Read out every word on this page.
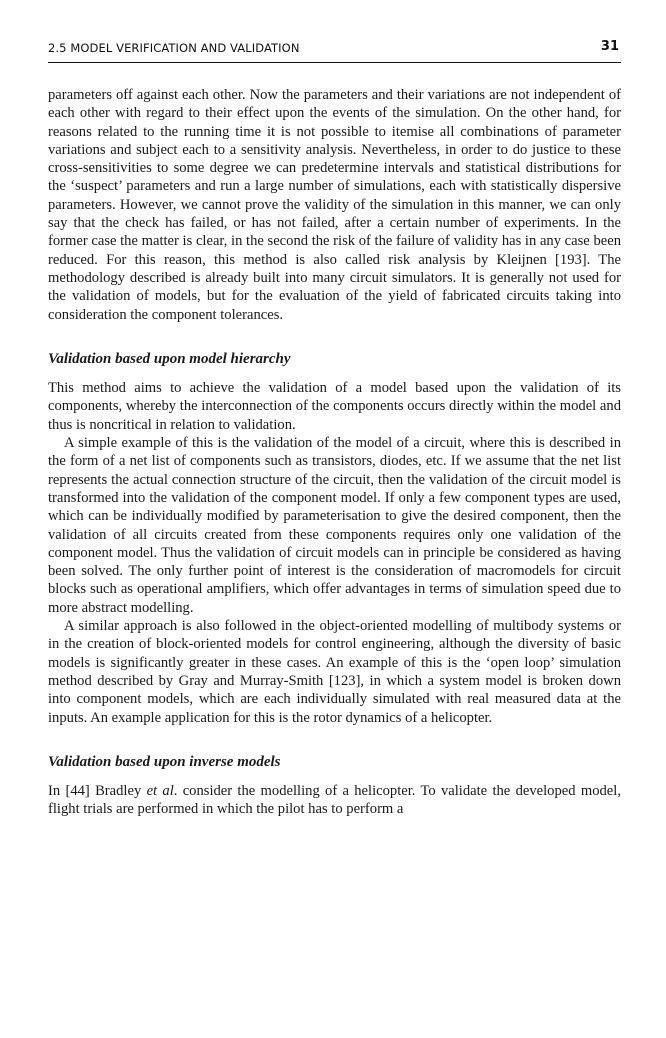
2.5 MODEL VERIFICATION AND VALIDATION	31

parameters off against each other. Now the parameters and their variations are not independent of each other with regard to their effect upon the events of the simulation. On the other hand, for reasons related to the running time it is not possible to itemise all combinations of parameter variations and subject each to a sensitivity analysis. Nevertheless, in order to do justice to these cross-sensitivities to some degree we can predetermine intervals and statistical distributions for the ‘suspect’ parameters and run a large number of simulations, each with statistically dispersive parameters. However, we cannot prove the validity of the simulation in this manner, we can only say that the check has failed, or has not failed, after a certain number of experiments. In the former case the matter is clear, in the second the risk of the failure of validity has in any case been reduced. For this reason, this method is also called risk analysis by Kleijnen [193]. The methodology described is already built into many circuit simulators. It is generally not used for the validation of models, but for the evaluation of the yield of fabricated circuits taking into consideration the component tolerances.

Validation based upon model hierarchy

This method aims to achieve the validation of a model based upon the validation of its components, whereby the interconnection of the components occurs directly within the model and thus is noncritical in relation to validation.

A simple example of this is the validation of the model of a circuit, where this is described in the form of a net list of components such as transistors, diodes, etc. If we assume that the net list represents the actual connection structure of the circuit, then the validation of the circuit model is transformed into the validation of the component model. If only a few component types are used, which can be individually modified by parameterisation to give the desired component, then the validation of all circuits created from these components requires only one validation of the component model. Thus the validation of circuit models can in principle be considered as having been solved. The only further point of interest is the consideration of macromodels for circuit blocks such as operational amplifiers, which offer advantages in terms of simulation speed due to more abstract modelling.

A similar approach is also followed in the object-oriented modelling of multibody systems or in the creation of block-oriented models for control engineering, although the diversity of basic models is significantly greater in these cases. An example of this is the ‘open loop’ simulation method described by Gray and Murray-Smith [123], in which a system model is broken down into component models, which are each individually simulated with real measured data at the inputs. An example application for this is the rotor dynamics of a helicopter.

Validation based upon inverse models

In [44] Bradley et al. consider the modelling of a helicopter. To validate the developed model, flight trials are performed in which the pilot has to perform a
